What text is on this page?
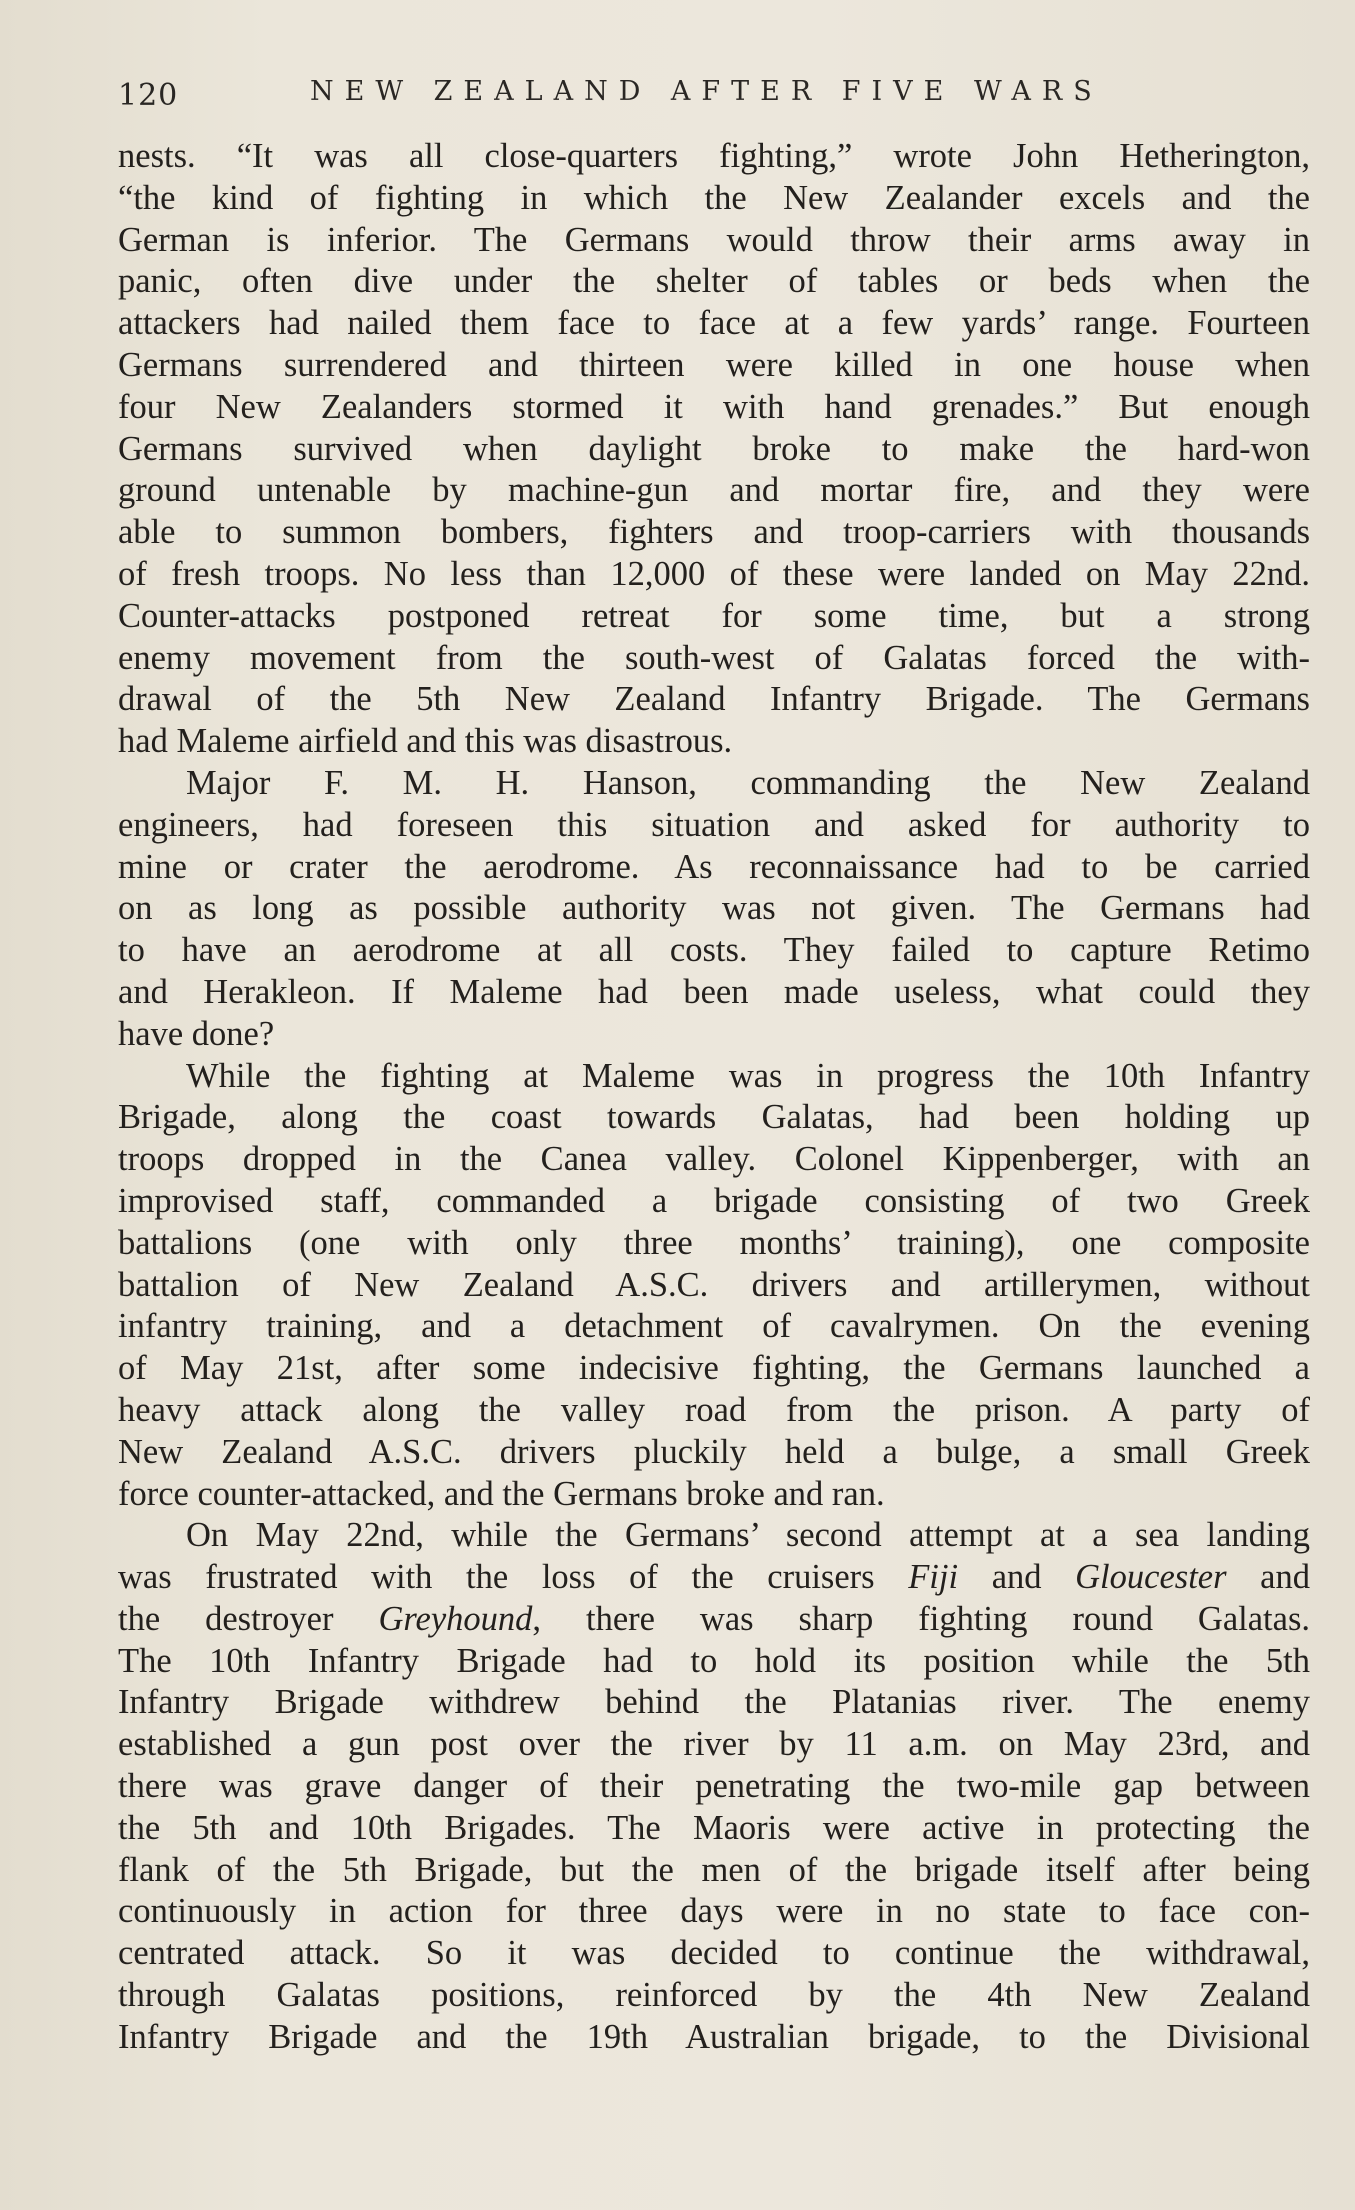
120	NEW ZEALAND AFTER FIVE WARS
nests. “It was all close-quarters fighting,” wrote John Hetherington,
“the kind of fighting in which the New Zealander excels and the
German is inferior. The Germans would throw their arms away in
panic, often dive under the shelter of tables or beds when the
attackers had nailed them face to face at a few yards’ range. Fourteen
Germans surrendered and thirteen were killed in one house when
four New Zealanders stormed it with hand grenades.” But enough
Germans survived when daylight broke to make the hard-won
ground untenable by machine-gun and mortar fire, and they were
able to summon bombers, fighters and troop-carriers with thousands
of fresh troops. No less than 12,000 of these were landed on May 22nd.
Counter-attacks postponed retreat for some time, but a strong
enemy movement from the south-west of Galatas forced the with-
drawal of the 5th New Zealand Infantry Brigade. The Germans
had Maleme airfield and this was disastrous.
Major F. M. H. Hanson, commanding the New Zealand
engineers, had foreseen this situation and asked for authority to
mine or crater the aerodrome. As reconnaissance had to be carried
on as long as possible authority was not given. The Germans had
to have an aerodrome at all costs. They failed to capture Retimo
and Herakleon. If Maleme had been made useless, what could they
have done?
While the fighting at Maleme was in progress the 10th Infantry
Brigade, along the coast towards Galatas, had been holding up
troops dropped in the Canea valley. Colonel Kippenberger, with an
improvised staff, commanded a brigade consisting of two Greek
battalions (one with only three months’ training), one composite
battalion of New Zealand A.S.C. drivers and artillerymen, without
infantry training, and a detachment of cavalrymen. On the evening
of May 21st, after some indecisive fighting, the Germans launched a
heavy attack along the valley road from the prison. A party of
New Zealand A.S.C. drivers pluckily held a bulge, a small Greek
force counter-attacked, and the Germans broke and ran.
On May 22nd, while the Germans’ second attempt at a sea landing
was frustrated with the loss of the cruisers Fiji and Gloucester and
the destroyer Greyhound, there was sharp fighting round Galatas.
The 10th Infantry Brigade had to hold its position while the 5th
Infantry Brigade withdrew behind the Platanias river. The enemy
established a gun post over the river by 11 a.m. on May 23rd, and
there was grave danger of their penetrating the two-mile gap between
the 5th and 10th Brigades. The Maoris were active in protecting the
flank of the 5th Brigade, but the men of the brigade itself after being
continuously in action for three days were in no state to face con-
centrated attack. So it was decided to continue the withdrawal,
through Galatas positions, reinforced by the 4th New Zealand
Infantry Brigade and the 19th Australian brigade, to the Divisional
